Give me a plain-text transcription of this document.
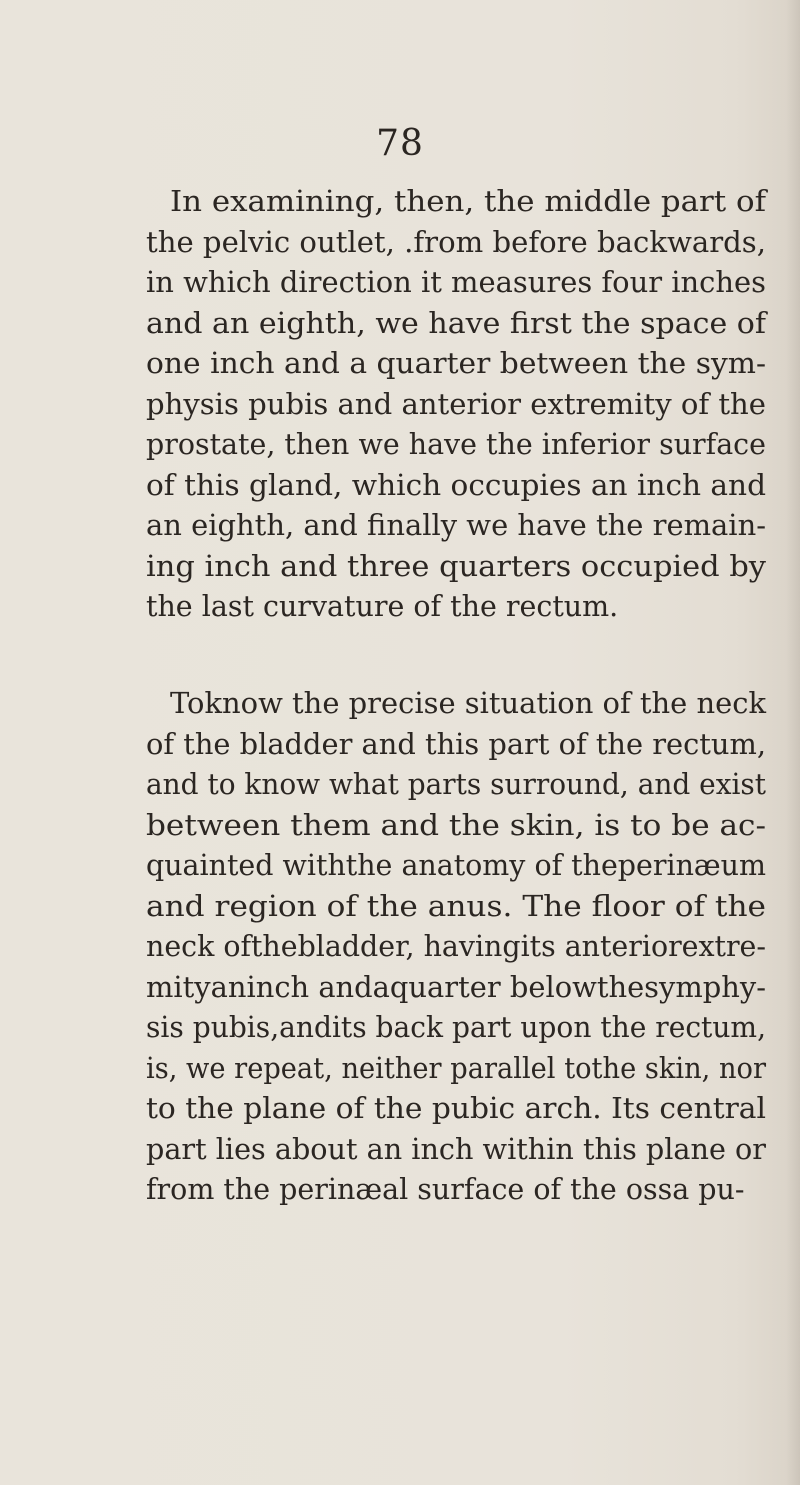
78
In examining, then, the middle part of
the pelvic outlet, .from before backwards,
in which direction it measures four inches
and an eighth, we have first the space of
one inch and a quarter between the sym-
physis pubis and anterior extremity of the
prostate, then we have the inferior surface
of this gland, which occupies an inch and
an eighth, and finally we have the remain-
ing inch and three quarters occupied by
the last curvature of the rectum.
Toknow the precise situation of the neck
of the bladder and this part of the rectum,
and to know what parts surround, and exist
between them and the skin, is to be ac-
quainted withthe anatomy of theperinæum
and region of the anus. The floor of the
neck ofthebladder, havingits anteriorextre-
mityaninch andaquarter belowthesymphy-
sis pubis,andits back part upon the rectum,
is, we repeat, neither parallel tothe skin, nor
to the plane of the pubic arch. Its central
part lies about an inch within this plane or
from the perinæal surface of the ossa pu-
